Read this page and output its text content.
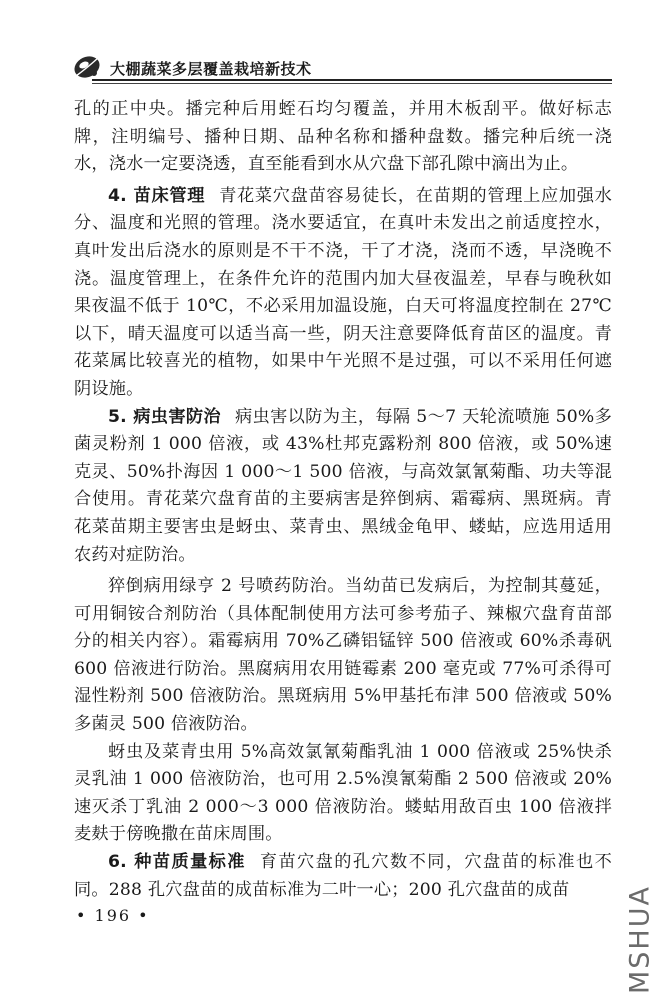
大棚蔬菜多层覆盖栽培新技术

孔的正中央。播完种后用蛭石均匀覆盖，并用木板刮平。做好标志牌，注明编号、播种日期、品种名称和播种盘数。播完种后统一浇水，浇水一定要浇透，直至能看到水从穴盘下部孔隙中滴出为止。

4. 苗床管理 青花菜穴盘苗容易徒长，在苗期的管理上应加强水分、温度和光照的管理。浇水要适宜，在真叶未发出之前适度控水，真叶发出后浇水的原则是不干不浇，干了才浇，浇而不透，早浇晚不浇。温度管理上，在条件允许的范围内加大昼夜温差，早春与晚秋如果夜温不低于 10℃，不必采用加温设施，白天可将温度控制在 27℃以下，晴天温度可以适当高一些，阴天注意要降低育苗区的温度。青花菜属比较喜光的植物，如果中午光照不是过强，可以不采用任何遮阴设施。

5. 病虫害防治 病虫害以防为主，每隔 5～7 天轮流喷施 50%多菌灵粉剂 1 000 倍液，或 43%杜邦克露粉剂 800 倍液，或 50%速克灵、50%扑海因 1 000～1 500 倍液，与高效氯氰菊酯、功夫等混合使用。青花菜穴盘育苗的主要病害是猝倒病、霜霉病、黑斑病。青花菜苗期主要害虫是蚜虫、菜青虫、黑绒金龟甲、蝼蛄，应选用适用农药对症防治。

猝倒病用绿亨 2 号喷药防治。当幼苗已发病后，为控制其蔓延，可用铜铵合剂防治（具体配制使用方法可参考茄子、辣椒穴盘育苗部分的相关内容）。霜霉病用 70%乙磷铝锰锌 500 倍液或 60%杀毒矾 600 倍液进行防治。黑腐病用农用链霉素 200 毫克或 77%可杀得可湿性粉剂 500 倍液防治。黑斑病用 5%甲基托布津 500 倍液或 50%多菌灵 500 倍液防治。

蚜虫及菜青虫用 5%高效氯氰菊酯乳油 1 000 倍液或 25%快杀灵乳油 1 000 倍液防治，也可用 2.5%溴氰菊酯 2 500 倍液或 20%速灭杀丁乳油 2 000～3 000 倍液防治。蝼蛄用敌百虫 100 倍液拌麦麸于傍晚撒在苗床周围。

6. 种苗质量标准 育苗穴盘的孔穴数不同，穴盘苗的标准也不同。288 孔穴盘苗的成苗标准为二叶一心；200 孔穴盘苗的成苗

• 196 •	MSHUA
